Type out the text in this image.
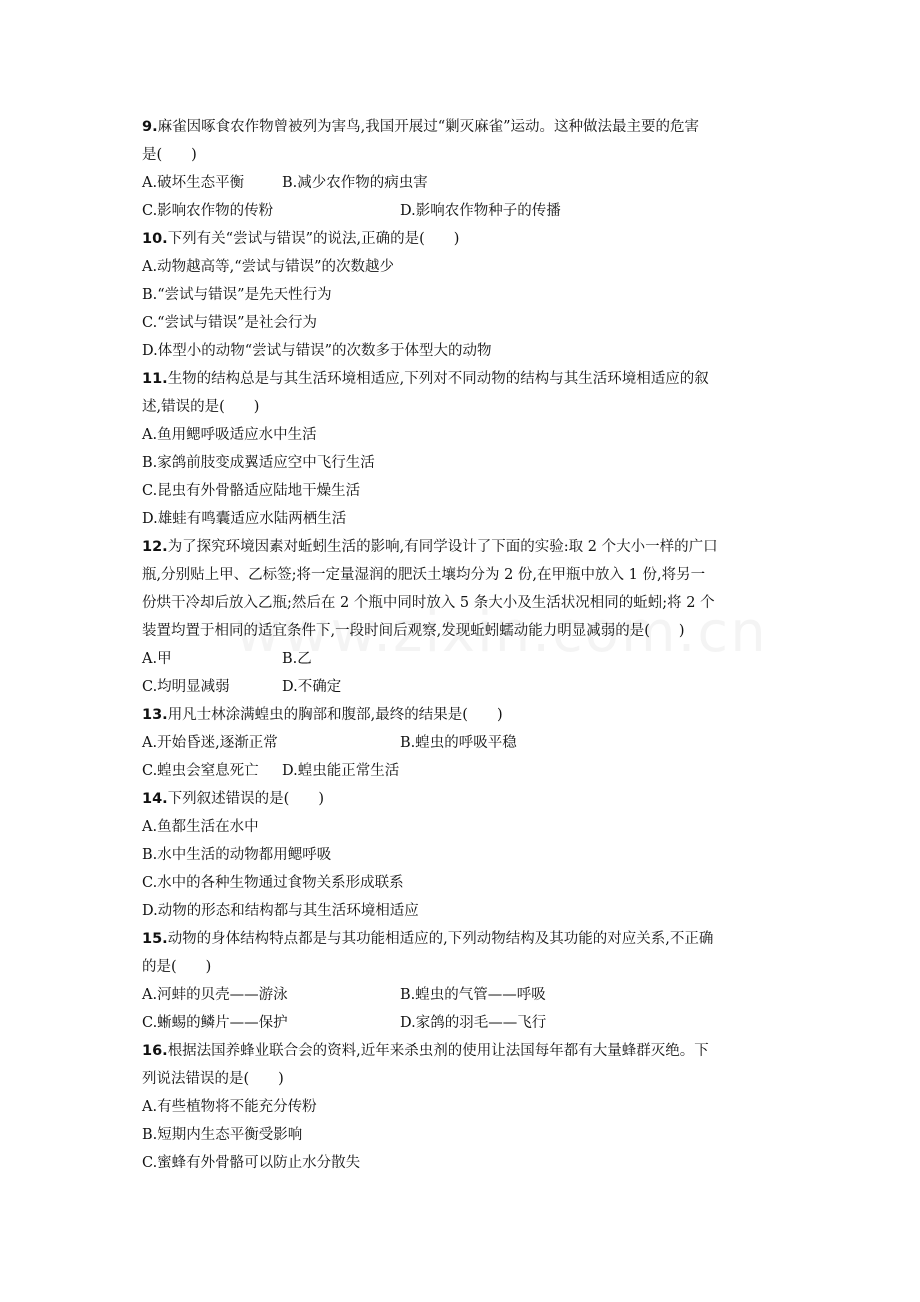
9.麻雀因啄食农作物曾被列为害鸟,我国开展过“剿灭麻雀”运动。这种做法最主要的危害
是(　　)
A.破坏生态平衡	B.减少农作物的病虫害
C.影响农作物的传粉	D.影响农作物种子的传播
10.下列有关“尝试与错误”的说法,正确的是(　　)
A.动物越高等,“尝试与错误”的次数越少
B.“尝试与错误”是先天性行为
C.“尝试与错误”是社会行为
D.体型小的动物“尝试与错误”的次数多于体型大的动物
11.生物的结构总是与其生活环境相适应,下列对不同动物的结构与其生活环境相适应的叙
述,错误的是(　　)
A.鱼用鳃呼吸适应水中生活
B.家鸽前肢变成翼适应空中飞行生活
C.昆虫有外骨骼适应陆地干燥生活
D.雄蛙有鸣囊适应水陆两栖生活
12.为了探究环境因素对蚯蚓生活的影响,有同学设计了下面的实验:取 2 个大小一样的广口
瓶,分别贴上甲、乙标签;将一定量湿润的肥沃土壤均分为 2 份,在甲瓶中放入 1 份,将另一
份烘干冷却后放入乙瓶;然后在 2 个瓶中同时放入 5 条大小及生活状况相同的蚯蚓;将 2 个
装置均置于相同的适宜条件下,一段时间后观察,发现蚯蚓蠕动能力明显减弱的是(　　)
A.甲	B.乙
C.均明显减弱	D.不确定
13.用凡士林涂满蝗虫的胸部和腹部,最终的结果是(　　)
A.开始昏迷,逐渐正常	B.蝗虫的呼吸平稳
C.蝗虫会窒息死亡	D.蝗虫能正常生活
14.下列叙述错误的是(　　)
A.鱼都生活在水中
B.水中生活的动物都用鳃呼吸
C.水中的各种生物通过食物关系形成联系
D.动物的形态和结构都与其生活环境相适应
15.动物的身体结构特点都是与其功能相适应的,下列动物结构及其功能的对应关系,不正确
的是(　　)
A.河蚌的贝壳——游泳	B.蝗虫的气管——呼吸
C.蜥蜴的鳞片——保护	D.家鸽的羽毛——飞行
16.根据法国养蜂业联合会的资料,近年来杀虫剂的使用让法国每年都有大量蜂群灭绝。下
列说法错误的是(　　)
A.有些植物将不能充分传粉
B.短期内生态平衡受影响
C.蜜蜂有外骨骼可以防止水分散失
